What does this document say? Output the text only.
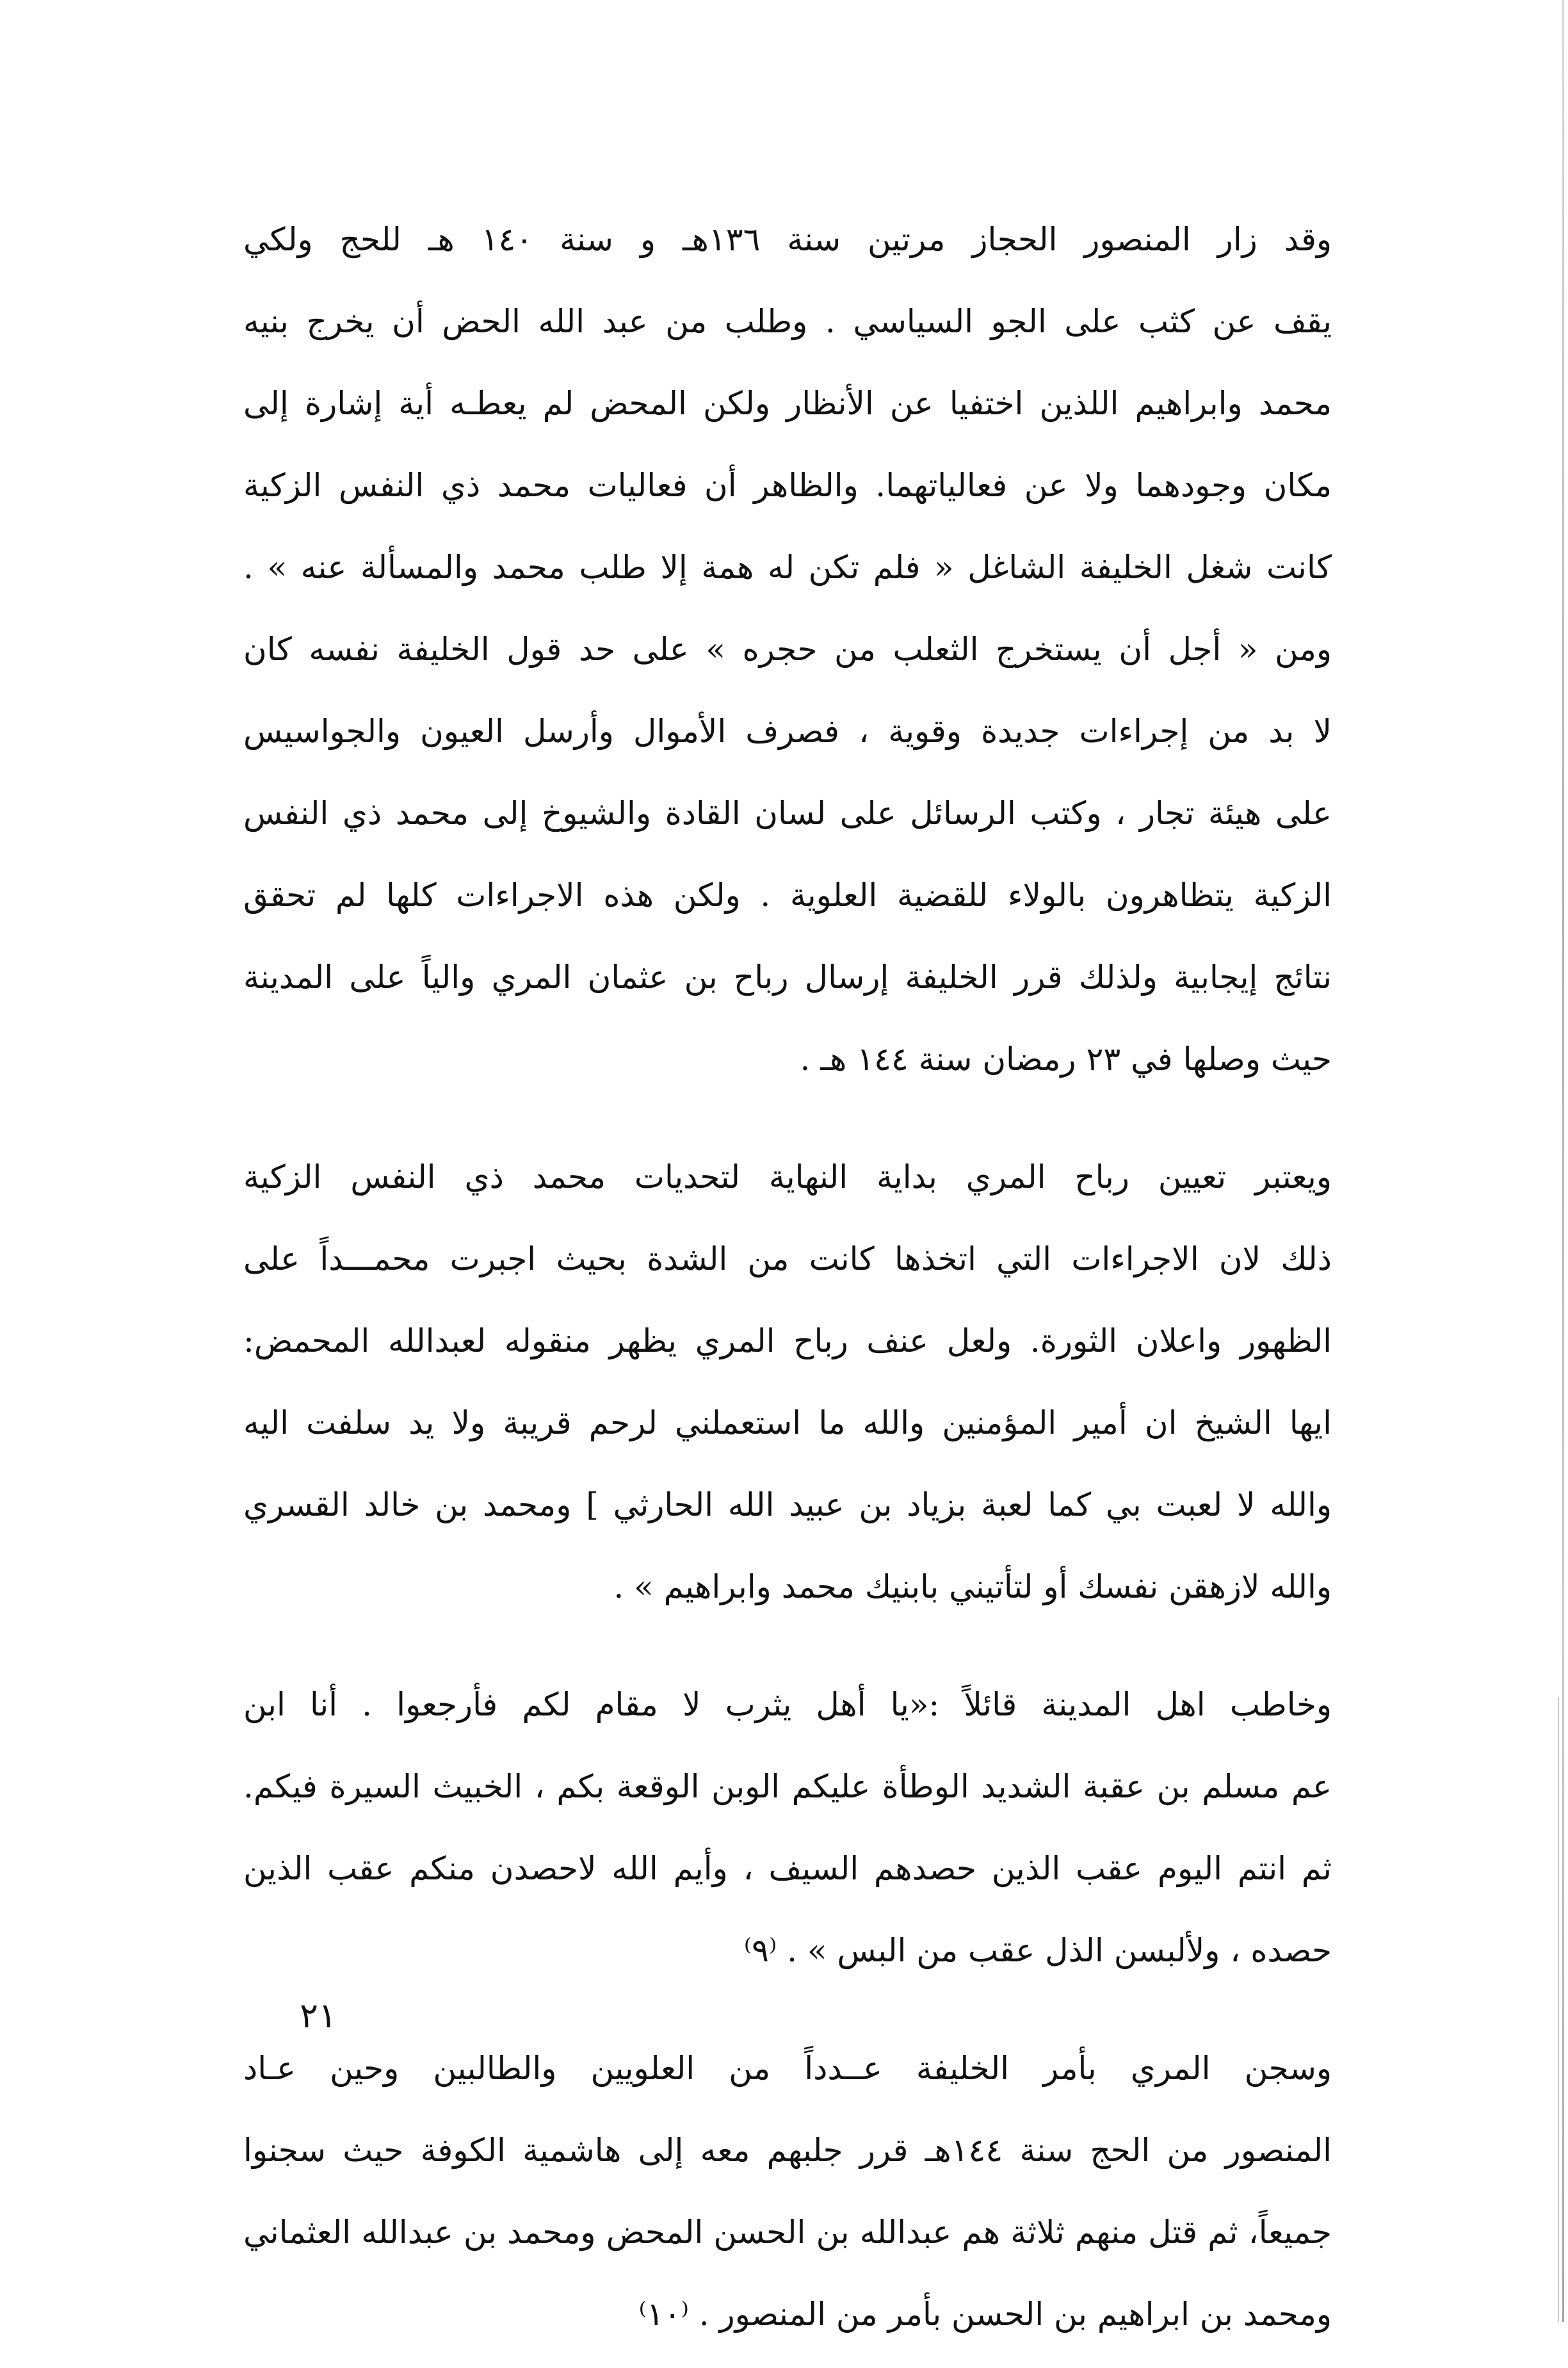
وقد زار المنصور الحجاز مرتين سنة ١٣٦هـ و سنة ١٤٠ هـ للحج ولكي
يقف عن كثب على الجو السياسي . وطلب من عبد الله الحض أن يخرج بنيه
محمد وابراهيم اللذين اختفيا عن الأنظار ولكن المحض لم يعطـه أية إشارة إلى
مكان وجودهما ولا عن فعالياتهما. والظاهر أن فعاليات محمد ذي النفس الزكية
كانت شغل الخليفة الشاغل « فلم تكن له همة إلا طلب محمد والمسألة عنه » .
ومن « أجل أن يستخرج الثعلب من حجره » على حد قول الخليفة نفسه كان
لا بد من إجراءات جديدة وقوية ، فصرف الأموال وأرسل العيون والجواسيس
على هيئة تجار ، وكتب الرسائل على لسان القادة والشيوخ إلى محمد ذي النفس
الزكية يتظاهرون بالولاء للقضية العلوية . ولكن هذه الاجراءات كلها لم تحقق
نتائج إيجابية ولذلك قرر الخليفة إرسال رباح بن عثمان المري والياً على المدينة
حيث وصلها في ٢٣ رمضان سنة ١٤٤ هـ .
ويعتبر تعيين رباح المري بداية النهاية لتحديات محمد ذي النفس الزكية
ذلك لان الاجراءات التي اتخذها كانت من الشدة بحيث اجبرت محمـــداً على
الظهور واعلان الثورة. ولعل عنف رباح المري يظهر منقوله لعبدالله المحمض:
ايها الشيخ ان أمير المؤمنين والله ما استعملني لرحم قريبة ولا يد سلفت اليه
والله لا لعبت بي كما لعبة بزياد بن عبيد الله الحارثي ] ومحمد بن خالد القسري
والله لازهقن نفسك أو لتأتيني بابنيك محمد وابراهيم » .
وخاطب اهل المدينة قائلاً :«يا أهل يثرب لا مقام لكم فأرجعوا . أنا ابن
عم مسلم بن عقبة الشديد الوطأة عليكم الوبن الوقعة بكم ، الخبيث السيرة فيكم.
ثم انتم اليوم عقب الذين حصدهم السيف ، وأيم الله لاحصدن منكم عقب الذين
حصده ، ولألبسن الذل عقب من البس » . ⁽٩⁾
وسجن المري بأمر الخليفة عــدداً من العلويين والطالبين وحين عـاد
المنصور من الحج سنة ١٤٤هـ قرر جلبهم معه إلى هاشمية الكوفة حيث سجنوا
جميعاً، ثم قتل منهم ثلاثة هم عبدالله بن الحسن المحض ومحمد بن عبدالله العثماني
ومحمد بن ابراهيم بن الحسن بأمر من المنصور . ⁽١٠⁾
٢١
